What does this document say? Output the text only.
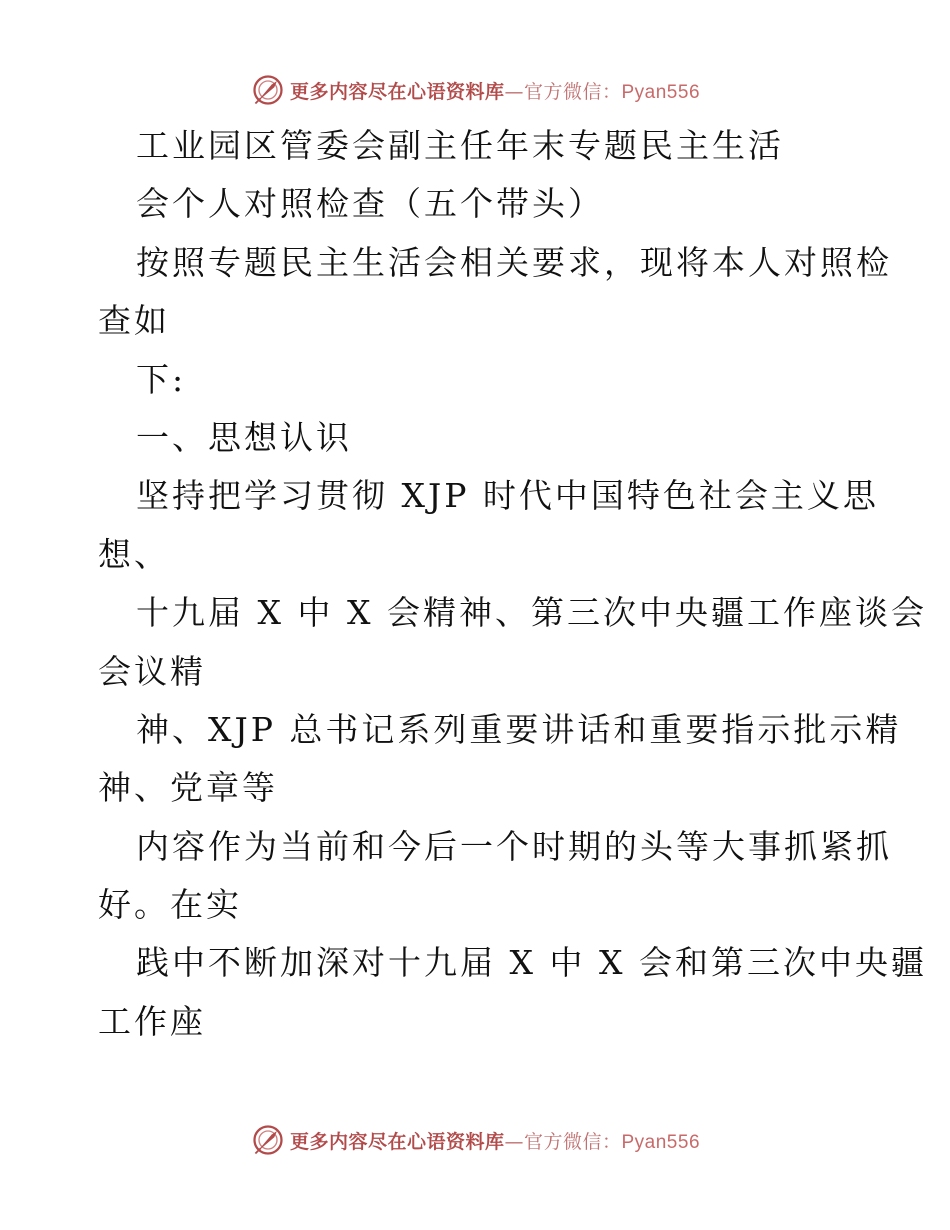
更多内容尽在心语资料库—官方微信：Pyan556
工业园区管委会副主任年末专题民主生活
会个人对照检查（五个带头）
按照专题民主生活会相关要求，现将本人对照检
查如
下:
一、思想认识
坚持把学习贯彻 XJP 时代中国特色社会主义思
想、
十九届 X 中 X 会精神、第三次中央疆工作座谈会
会议精
神、XJP 总书记系列重要讲话和重要指示批示精
神、党章等
内容作为当前和今后一个时期的头等大事抓紧抓
好。在实
践中不断加深对十九届 X 中 X 会和第三次中央疆
工作座
更多内容尽在心语资料库—官方微信：Pyan556
